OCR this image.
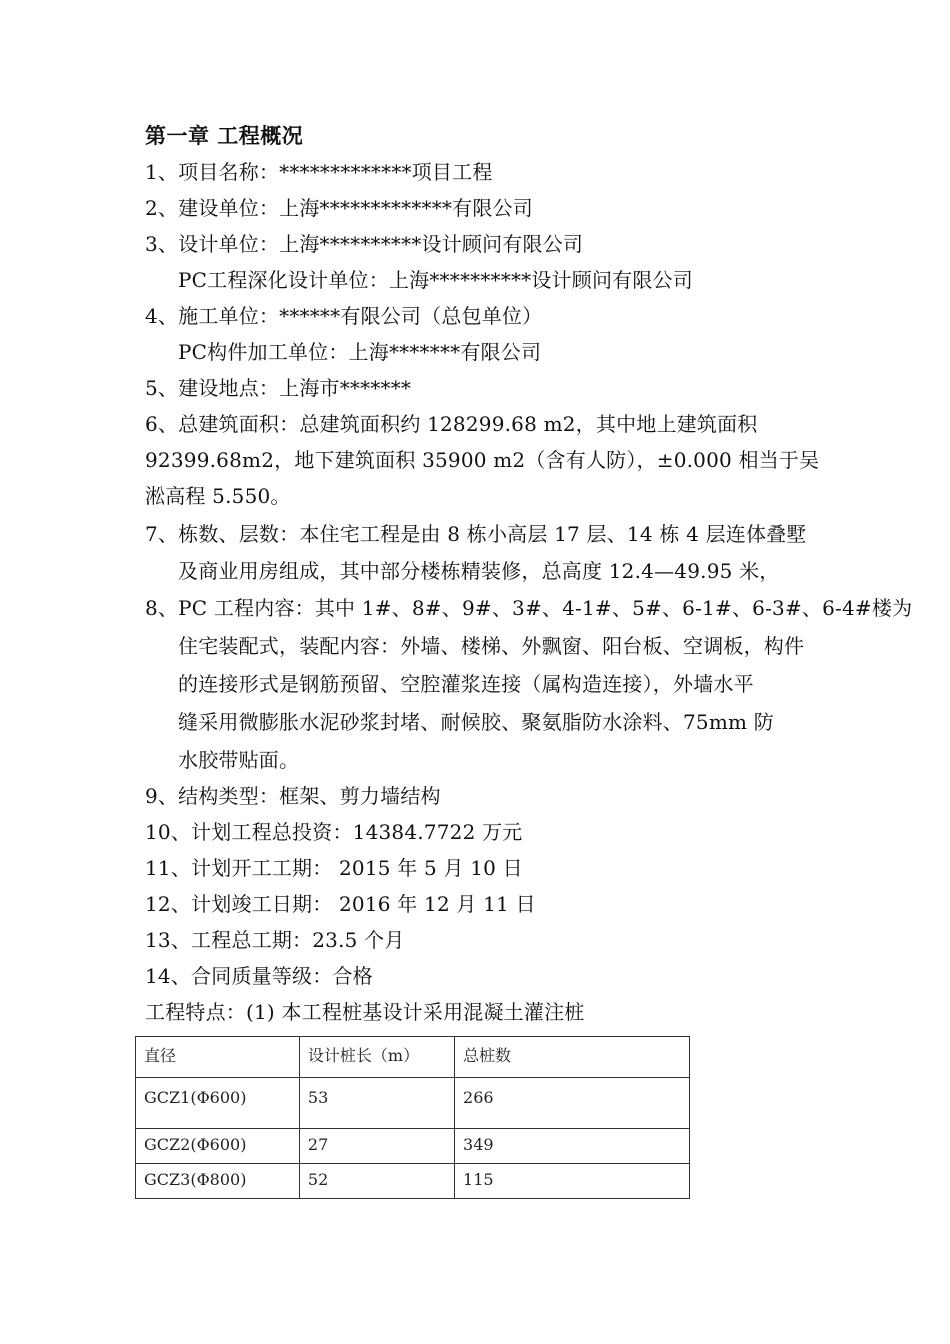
第一章 工程概况
1、项目名称：*************项目工程
2、建设单位：上海*************有限公司
3、设计单位：上海**********设计顾问有限公司
PC工程深化设计单位：上海**********设计顾问有限公司
4、施工单位：******有限公司（总包单位）
PC构件加工单位：上海*******有限公司
5、建设地点：上海市*******
6、总建筑面积：总建筑面积约 128299.68 m2，其中地上建筑面积
92399.68m2，地下建筑面积 35900 m2（含有人防），±0.000 相当于吴
淞高程 5.550。
7、栋数、层数：本住宅工程是由 8 栋小高层 17 层、14 栋 4 层连体叠墅
及商业用房组成，其中部分楼栋精装修，总高度 12.4—49.95 米，
8、PC 工程内容：其中 1#、8#、9#、3#、4-1#、5#、6-1#、6-3#、6-4#楼为
住宅装配式，装配内容：外墙、楼梯、外飘窗、阳台板、空调板，构件
的连接形式是钢筋预留、空腔灌浆连接（属构造连接），外墙水平
缝采用微膨胀水泥砂浆封堵、耐候胶、聚氨脂防水涂料、75mm 防
水胶带贴面。
9、结构类型：框架、剪力墙结构
10、计划工程总投资：14384.7722 万元
11、计划开工工期： 2015 年 5 月 10 日
12、计划竣工日期： 2016 年 12 月 11 日
13、工程总工期：23.5 个月
14、合同质量等级：合格
工程特点：(1) 本工程桩基设计采用混凝土灌注桩
直径	设计桩长（m）	总桩数
GCZ1(Φ600)	53	266
GCZ2(Φ600)	27	349
GCZ3(Φ800)	52	115
